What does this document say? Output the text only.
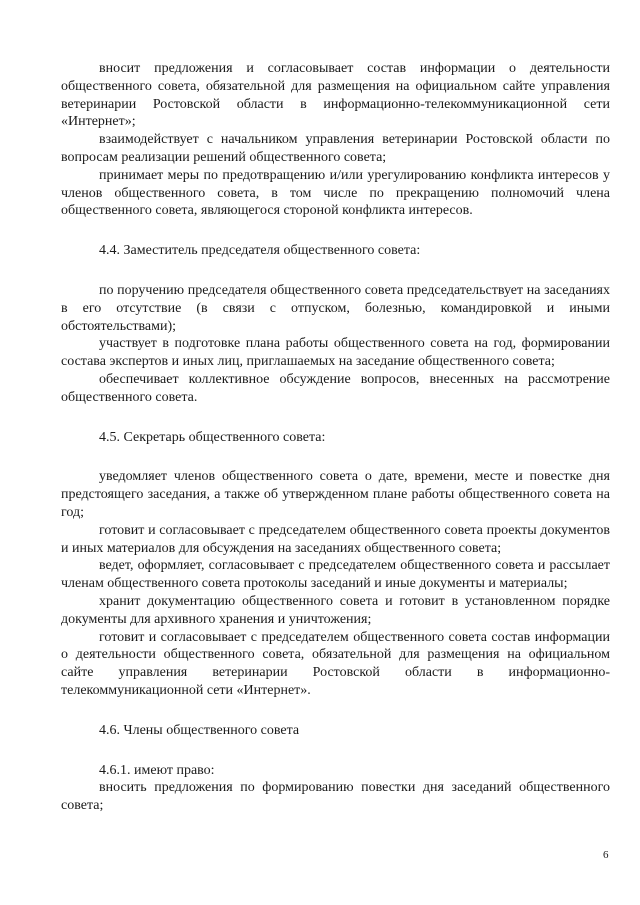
вносит предложения и согласовывает состав информации о деятельности общественного совета, обязательной для размещения на официальном сайте управления ветеринарии Ростовской области в информационно-телекоммуникационной сети «Интернет»;

взаимодействует с начальником управления ветеринарии Ростовской области по вопросам реализации решений общественного совета;

принимает меры по предотвращению и/или урегулированию конфликта интересов у членов общественного совета, в том числе по прекращению полномочий члена общественного совета, являющегося стороной конфликта интересов.

4.4. Заместитель председателя общественного совета:

по поручению председателя общественного совета председательствует на заседаниях в его отсутствие (в связи с отпуском, болезнью, командировкой и иными обстоятельствами);

участвует в подготовке плана работы общественного совета на год, формировании состава экспертов и иных лиц, приглашаемых на заседание общественного совета;

обеспечивает коллективное обсуждение вопросов, внесенных на рассмотрение общественного совета.

4.5. Секретарь общественного совета:

уведомляет членов общественного совета о дате, времени, месте и повестке дня предстоящего заседания, а также об утвержденном плане работы общественного совета на год;

готовит и согласовывает с председателем общественного совета проекты документов и иных материалов для обсуждения на заседаниях общественного совета;

ведет, оформляет, согласовывает с председателем общественного совета и рассылает членам общественного совета протоколы заседаний и иные документы и материалы;

хранит документацию общественного совета и готовит в установленном порядке документы для архивного хранения и уничтожения;

готовит и согласовывает с председателем общественного совета состав информации о деятельности общественного совета, обязательной для размещения на официальном сайте управления ветеринарии Ростовской области в информационно-телекоммуникационной сети «Интернет».

4.6. Члены общественного совета

4.6.1. имеют право:

вносить предложения по формированию повестки дня заседаний общественного совета;

6
